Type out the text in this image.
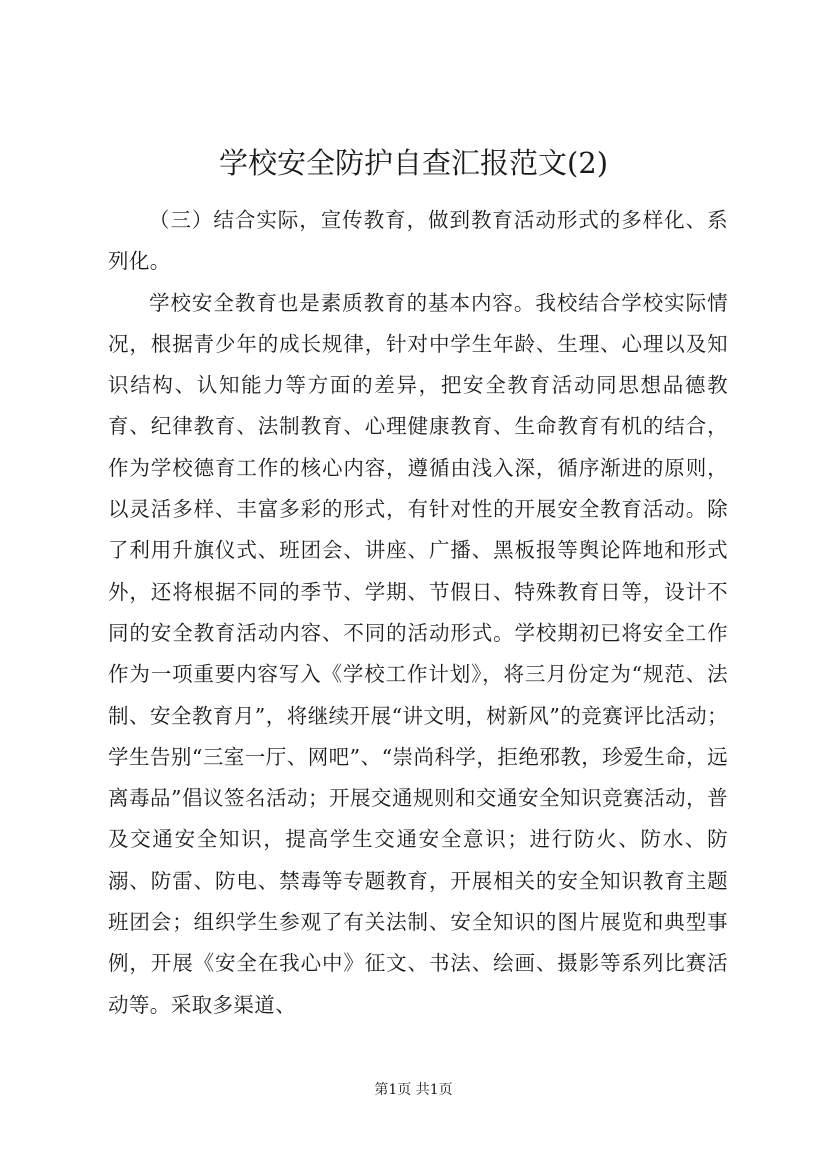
学校安全防护自查汇报范文(2)

（三）结合实际，宣传教育，做到教育活动形式的多样化、系列化。

学校安全教育也是素质教育的基本内容。我校结合学校实际情况，根据青少年的成长规律，针对中学生年龄、生理、心理以及知识结构、认知能力等方面的差异，把安全教育活动同思想品德教育、纪律教育、法制教育、心理健康教育、生命教育有机的结合，作为学校德育工作的核心内容，遵循由浅入深，循序渐进的原则，以灵活多样、丰富多彩的形式，有针对性的开展安全教育活动。除了利用升旗仪式、班团会、讲座、广播、黑板报等舆论阵地和形式外，还将根据不同的季节、学期、节假日、特殊教育日等，设计不同的安全教育活动内容、不同的活动形式。学校期初已将安全工作作为一项重要内容写入《学校工作计划》，将三月份定为“规范、法制、安全教育月”，将继续开展“讲文明，树新风”的竞赛评比活动；学生告别“三室一厅、网吧”、“崇尚科学，拒绝邪教，珍爱生命，远离毒品”倡议签名活动；开展交通规则和交通安全知识竞赛活动，普及交通安全知识，提高学生交通安全意识；进行防火、防水、防溺、防雷、防电、禁毒等专题教育，开展相关的安全知识教育主题班团会；组织学生参观了有关法制、安全知识的图片展览和典型事例，开展《安全在我心中》征文、书法、绘画、摄影等系列比赛活动等。采取多渠道、

第1页 共1页
